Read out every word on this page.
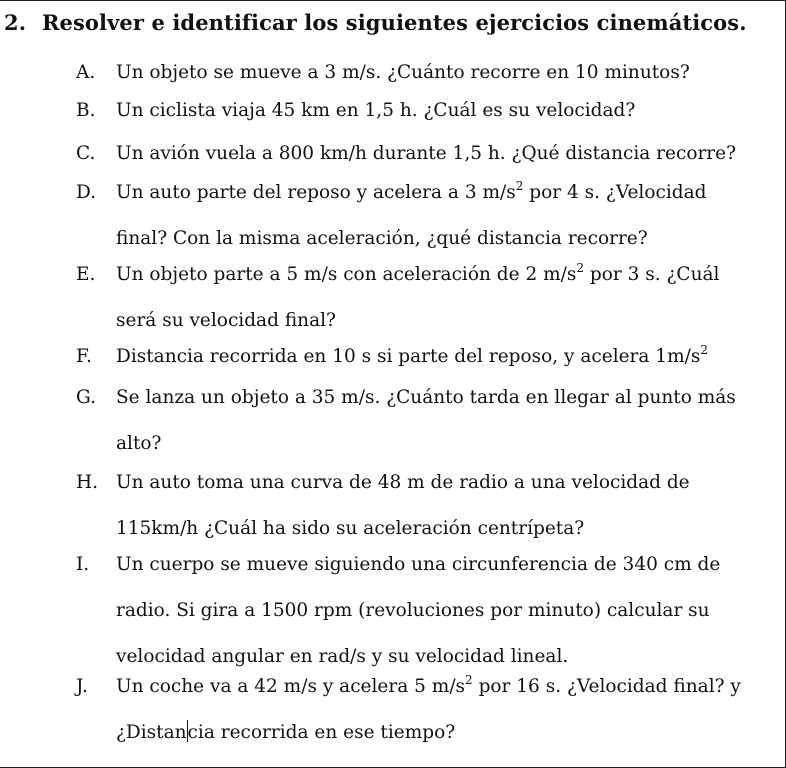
2. Resolver e identificar los siguientes ejercicios cinemáticos.
A.	Un objeto se mueve a 3 m/s. ¿Cuánto recorre en 10 minutos?
B.	Un ciclista viaja 45 km en 1,5 h. ¿Cuál es su velocidad?
C.	Un avión vuela a 800 km/h durante 1,5 h. ¿Qué distancia recorre?
D.	Un auto parte del reposo y acelera a 3 $m/s^2$ por 4 s. ¿Velocidad
final? Con la misma aceleración, ¿qué distancia recorre?
E.	Un objeto parte a 5 m/s con aceleración de 2 $m/s^2$ por 3 s. ¿Cuál
será su velocidad final?
F.	Distancia recorrida en 10 s si parte del reposo, y acelera $1m/s^2$
G.	Se lanza un objeto a 35 m/s. ¿Cuánto tarda en llegar al punto más
alto?
H. Un auto toma una curva de 48 m de radio a una velocidad de
115km/h ¿Cuál ha sido su aceleración centrípeta?
I.	Un cuerpo se mueve siguiendo una circunferencia de 340 cm de
radio. Si gira a 1500 rpm (revoluciones por minuto) calcular su
velocidad angular en rad/s y su velocidad lineal.
J.	Un coche va a 42 m/s y acelera 5 $m/s^2$ por 16 s. ¿Velocidad final? y
¿Distancia recorrida en ese tiempo?
